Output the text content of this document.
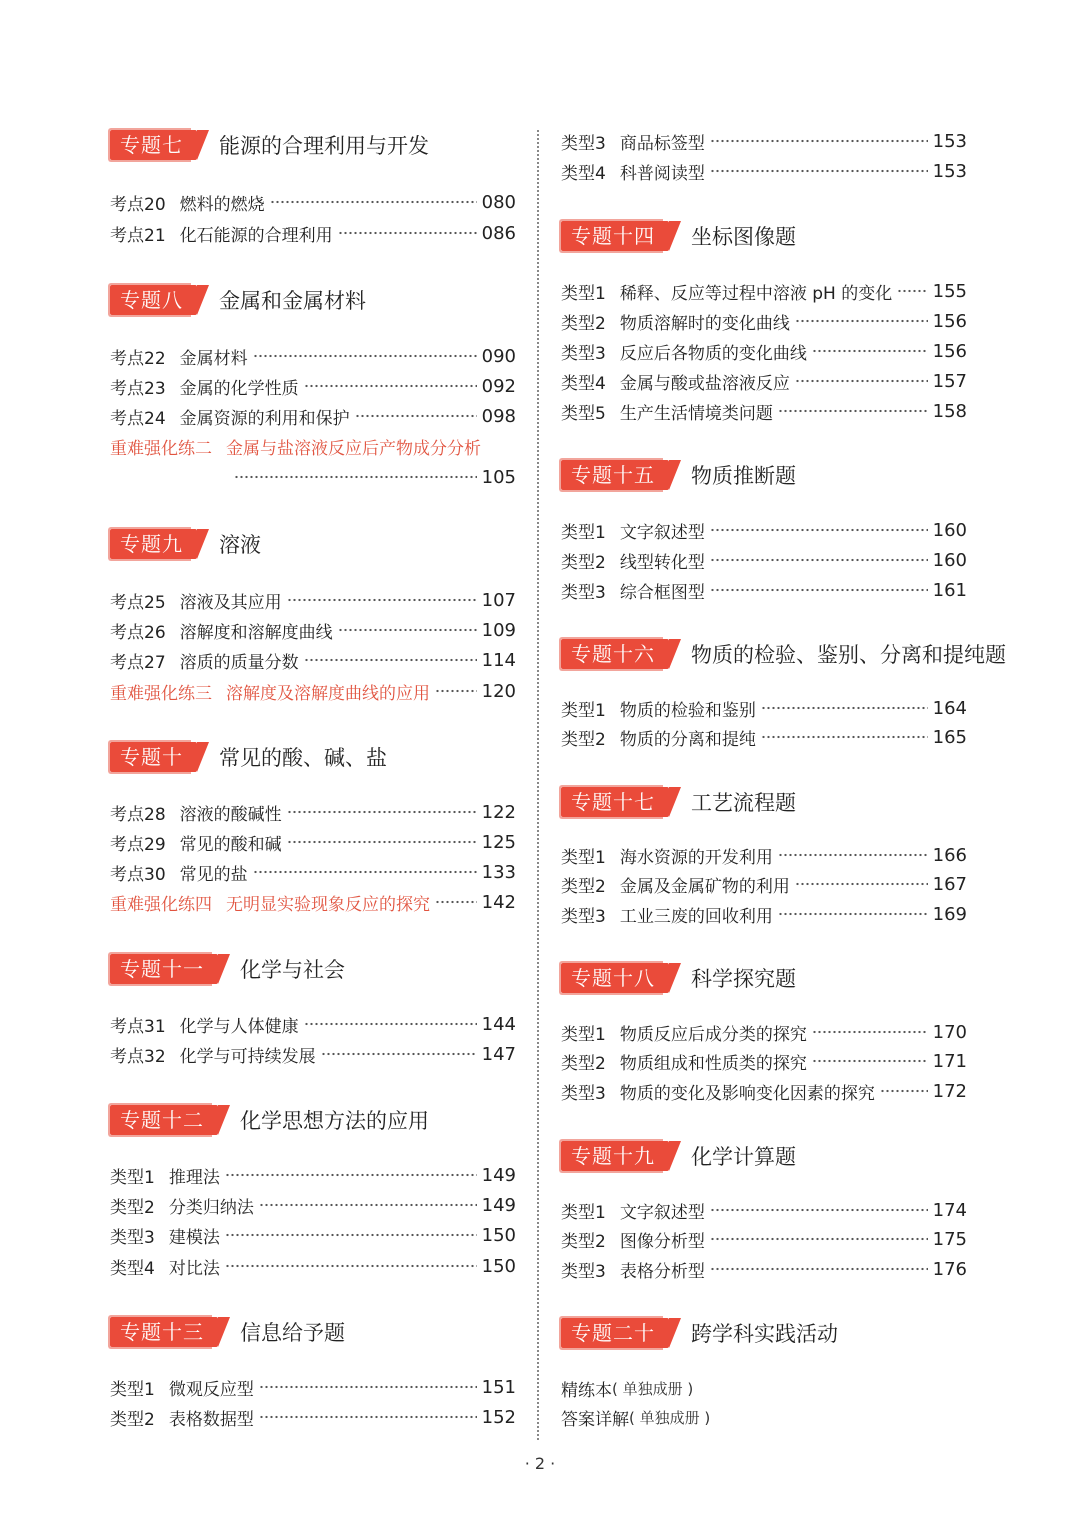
专题七	能源的合理利用与开发
考点20 燃料的燃烧	080
考点21 化石能源的合理利用	086
专题八	金属和金属材料
考点22 金属材料	090
考点23 金属的化学性质	092
考点24 金属资源的利用和保护	098
重难强化练二 金属与盐溶液反应后产物成分分析
105
专题九	溶液
考点25 溶液及其应用	107
考点26 溶解度和溶解度曲线	109
考点27 溶质的质量分数	114
重难强化练三 溶解度及溶解度曲线的应用	120
专题十	常见的酸、碱、盐
考点28 溶液的酸碱性	122
考点29 常见的酸和碱	125
考点30 常见的盐	133
重难强化练四 无明显实验现象反应的探究	142
专题十一	化学与社会
考点31 化学与人体健康	144
考点32 化学与可持续发展	147
专题十二	化学思想方法的应用
类型1 推理法	149
类型2 分类归纳法	149
类型3 建模法	150
类型4 对比法	150
专题十三	信息给予题
类型1 微观反应型	151
类型2 表格数据型	152
类型3 商品标签型	153
类型4 科普阅读型	153
专题十四	坐标图像题
类型1 稀释、反应等过程中溶液 pH 的变化 155
类型2 物质溶解时的变化曲线	156
类型3 反应后各物质的变化曲线	156
类型4 金属与酸或盐溶液反应	157
类型5 生产生活情境类问题	158
专题十五	物质推断题
类型1 文字叙述型	160
类型2 线型转化型	160
类型3 综合框图型	161
专题十六	物质的检验、鉴别、分离和提纯题
类型1 物质的检验和鉴别	164
类型2 物质的分离和提纯	165
专题十七	工艺流程题
类型1 海水资源的开发利用	166
类型2 金属及金属矿物的利用	167
类型3 工业三废的回收利用	169
专题十八	科学探究题
类型1 物质反应后成分类的探究	170
类型2 物质组成和性质类的探究	171
类型3 物质的变化及影响变化因素的探究	172
专题十九	化学计算题
类型1 文字叙述型	174
类型2 图像分析型	175
类型3 表格分析型	176
专题二十	跨学科实践活动
精练本 ( 单独成册 )
答案详解 ( 单独成册 )
· 2 ·
